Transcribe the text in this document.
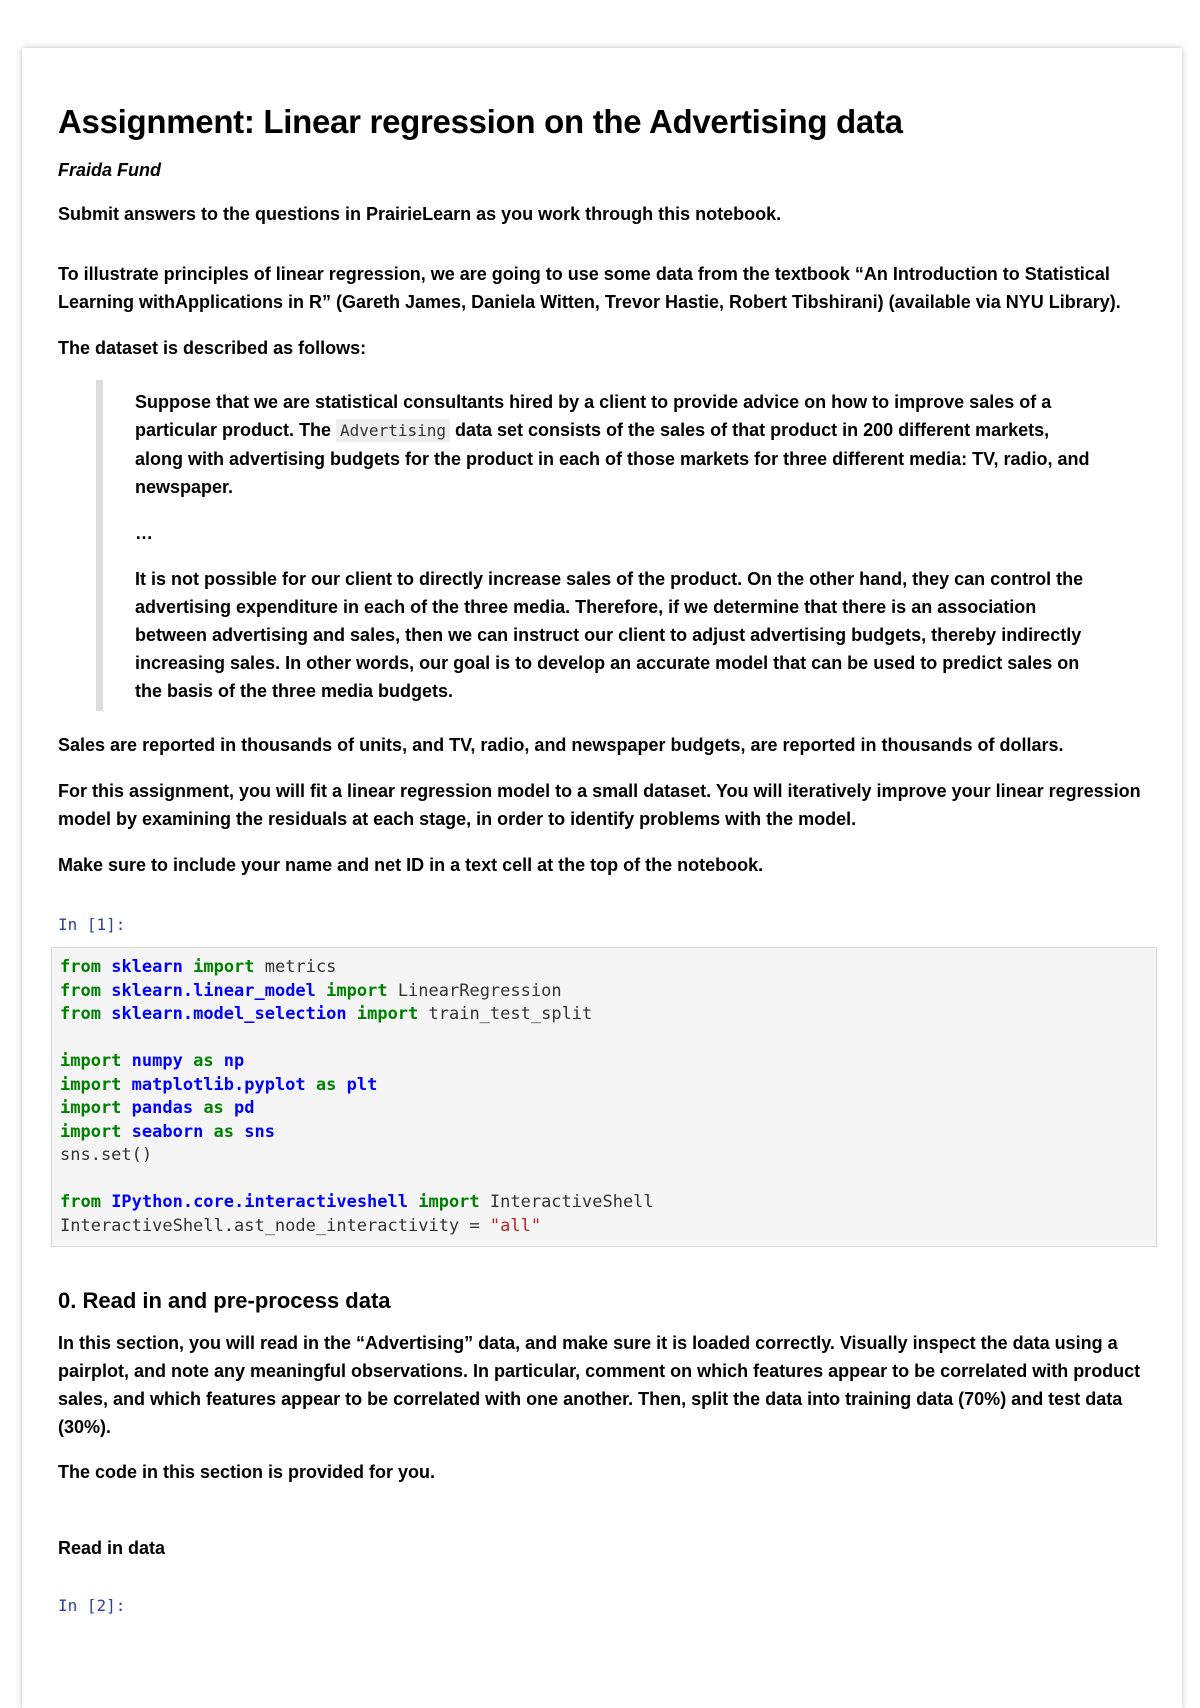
Assignment: Linear regression on the Advertising data
Fraida Fund

Submit answers to the questions in PrairieLearn as you work through this notebook.

To illustrate principles of linear regression, we are going to use some data from the textbook “An Introduction to Statistical Learning withApplications in R” (Gareth James, Daniela Witten, Trevor Hastie, Robert Tibshirani) (available via NYU Library).

The dataset is described as follows:

Suppose that we are statistical consultants hired by a client to provide advice on how to improve sales of a particular product. The Advertising data set consists of the sales of that product in 200 different markets, along with advertising budgets for the product in each of those markets for three different media: TV, radio, and newspaper.

…

It is not possible for our client to directly increase sales of the product. On the other hand, they can control the advertising expenditure in each of the three media. Therefore, if we determine that there is an association between advertising and sales, then we can instruct our client to adjust advertising budgets, thereby indirectly increasing sales. In other words, our goal is to develop an accurate model that can be used to predict sales on the basis of the three media budgets.

Sales are reported in thousands of units, and TV, radio, and newspaper budgets, are reported in thousands of dollars.

For this assignment, you will fit a linear regression model to a small dataset. You will iteratively improve your linear regression model by examining the residuals at each stage, in order to identify problems with the model.

Make sure to include your name and net ID in a text cell at the top of the notebook.

In [1]:
from sklearn import metrics
from sklearn.linear_model import LinearRegression
from sklearn.model_selection import train_test_split
import numpy as np
import matplotlib.pyplot as plt
import pandas as pd
import seaborn as sns
sns.set()
from IPython.core.interactiveshell import InteractiveShell
InteractiveShell.ast_node_interactivity = "all"
0. Read in and pre-process data

In this section, you will read in the “Advertising” data, and make sure it is loaded correctly. Visually inspect the data using a pairplot, and note any meaningful observations. In particular, comment on which features appear to be correlated with product sales, and which features appear to be correlated with one another. Then, split the data into training data (70%) and test data (30%).

The code in this section is provided for you.

Read in data

In [2]:
